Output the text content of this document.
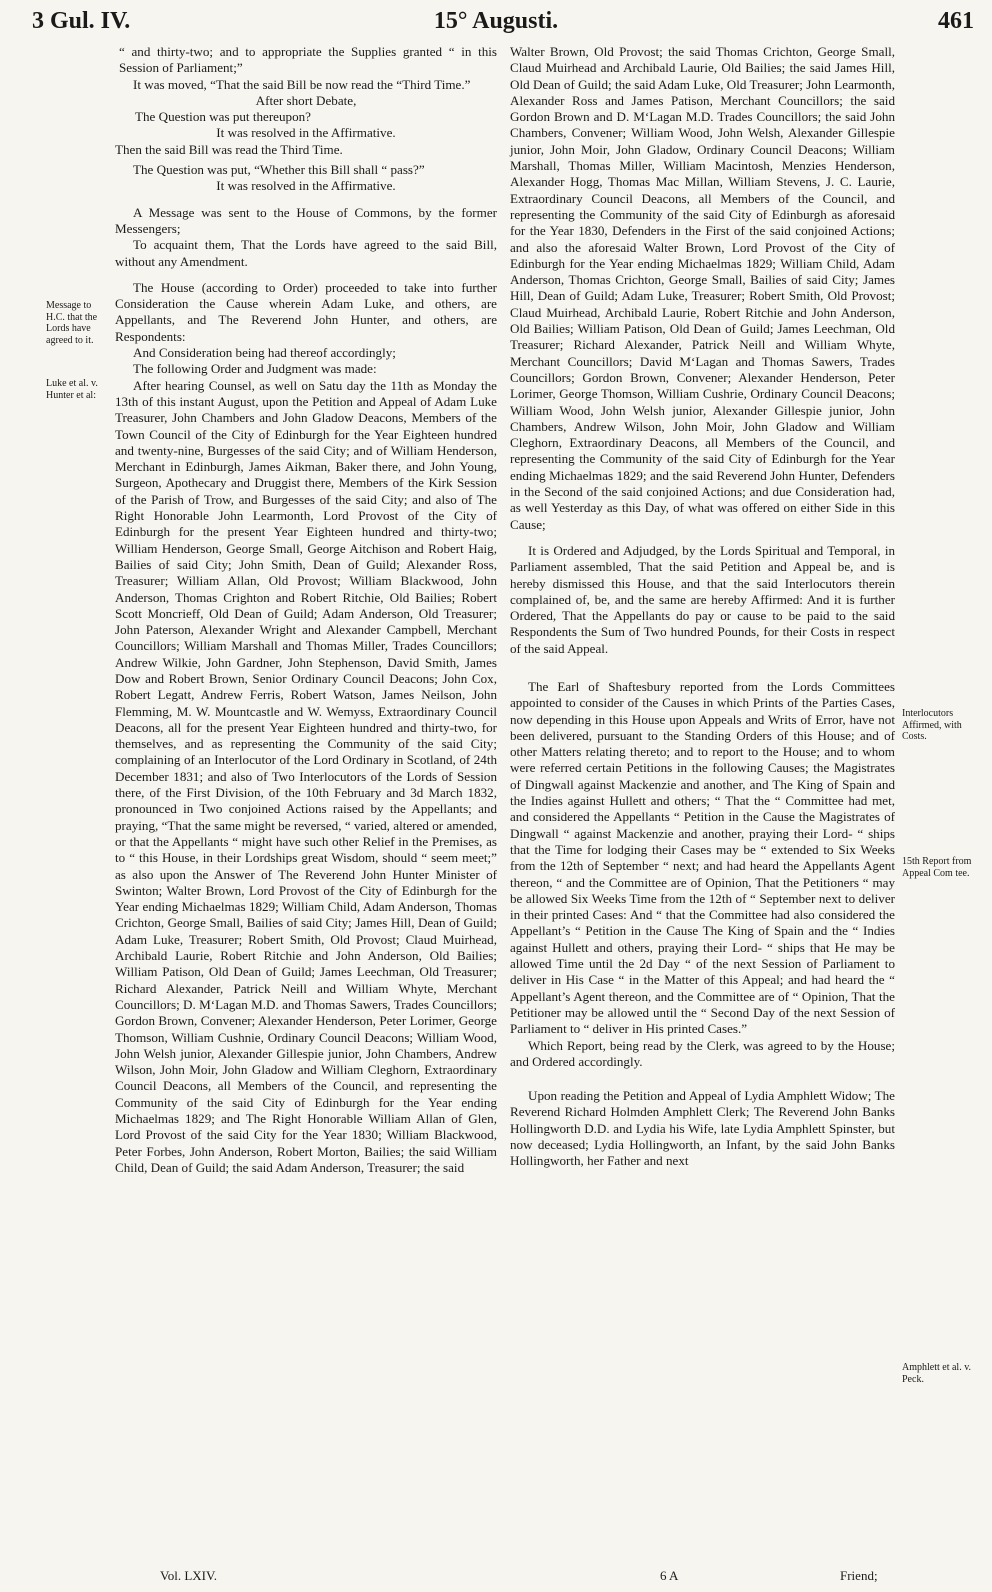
15° Augusti.
3 Gul. IV.	461
Message to H.C. that the Lords have agreed to it.
Luke et al. v. Hunter et al:
Interlocutors Affirmed, with Costs.
15th Report from Appeal Com tee.
Amphlett et al. v. Peck.

“ and thirty-two; and to appropriate the Supplies granted “ in this Session of Parliament;”

It was moved, “That the said Bill be now read the “Third Time.”

After short Debate,

The Question was put thereupon?

It was resolved in the Affirmative.

Then the said Bill was read the Third Time.

The Question was put, “Whether this Bill shall “ pass?”

It was resolved in the Affirmative.

A Message was sent to the House of Commons, by the former Messengers;

To acquaint them, That the Lords have agreed to the said Bill, without any Amendment.

The House (according to Order) proceeded to take into further Consideration the Cause wherein Adam Luke, and others, are Appellants, and The Reverend John Hunter, and others, are Respondents:

And Consideration being had thereof accordingly;

The following Order and Judgment was made:

After hearing Counsel, as well on Satu day the 11th as Monday the 13th of this instant August, upon the Petition and Appeal of Adam Luke Treasurer, John Chambers and John Gladow Deacons, Members of the Town Council of the City of Edinburgh for the Year Eighteen hundred and twenty-nine, Burgesses of the said City; and of William Henderson, Merchant in Edinburgh, James Aikman, Baker there, and John Young, Surgeon, Apothecary and Druggist there, Members of the Kirk Session of the Parish of Trow, and Burgesses of the said City; and also of The Right Honorable John Learmonth, Lord Provost of the City of Edinburgh for the present Year Eighteen hundred and thirty-two; William Henderson, George Small, George Aitchison and Robert Haig, Bailies of said City; John Smith, Dean of Guild; Alexander Ross, Treasurer; William Allan, Old Provost; William Blackwood, John Anderson, Thomas Crighton and Robert Ritchie, Old Bailies; Robert Scott Moncrieff, Old Dean of Guild; Adam Anderson, Old Treasurer; John Paterson, Alexander Wright and Alexander Campbell, Merchant Councillors; William Marshall and Thomas Miller, Trades Councillors; Andrew Wilkie, John Gardner, John Stephenson, David Smith, James Dow and Robert Brown, Senior Ordinary Council Deacons; John Cox, Robert Legatt, Andrew Ferris, Robert Watson, James Neilson, John Flemming, M. W. Mountcastle and W. Wemyss, Extraordinary Council Deacons, all for the present Year Eighteen hundred and thirty-two, for themselves, and as representing the Community of the said City; complaining of an Interlocutor of the Lord Ordinary in Scotland, of 24th December 1831; and also of Two Interlocutors of the Lords of Session there, of the First Division, of the 10th February and 3d March 1832, pronounced in Two conjoined Actions raised by the Appellants; and praying, “That the same might be reversed, “ varied, altered or amended, or that the Appellants “ might have such other Relief in the Premises, as to “ this House, in their Lordships great Wisdom, should “ seem meet;” as also upon the Answer of The Reverend John Hunter Minister of Swinton; Walter Brown, Lord Provost of the City of Edinburgh for the Year ending Michaelmas 1829; William Child, Adam Anderson, Thomas Crichton, George Small, Bailies of said City; James Hill, Dean of Guild; Adam Luke, Treasurer; Robert Smith, Old Provost; Claud Muirhead, Archibald Laurie, Robert Ritchie and John Anderson, Old Bailies; William Patison, Old Dean of Guild; James Leechman, Old Treasurer; Richard Alexander, Patrick Neill and William Whyte, Merchant Councillors; D. M‘Lagan M.D. and Thomas Sawers, Trades Councillors; Gordon Brown, Convener; Alexander Henderson, Peter Lorimer, George Thomson, William Cushnie, Ordinary Council Deacons; William Wood, John Welsh junior, Alexander Gillespie junior, John Chambers, Andrew Wilson, John Moir, John Gladow and William Cleghorn, Extraordinary Council Deacons, all Members of the Council, and representing the Community of the said City of Edinburgh for the Year ending Michaelmas 1829; and The Right Honorable William Allan of Glen, Lord Provost of the said City for the Year 1830; William Blackwood, Peter Forbes, John Anderson, Robert Morton, Bailies; the said William Child, Dean of Guild; the said Adam Anderson, Treasurer; the said

Walter Brown, Old Provost; the said Thomas Crichton, George Small, Claud Muirhead and Archibald Laurie, Old Bailies; the said James Hill, Old Dean of Guild; the said Adam Luke, Old Treasurer; John Learmonth, Alexander Ross and James Patison, Merchant Councillors; the said Gordon Brown and D. M‘Lagan M.D. Trades Councillors; the said John Chambers, Convener; William Wood, John Welsh, Alexander Gillespie junior, John Moir, John Gladow, Ordinary Council Deacons; William Marshall, Thomas Miller, William Macintosh, Menzies Henderson, Alexander Hogg, Thomas Mac Millan, William Stevens, J. C. Laurie, Extraordinary Council Deacons, all Members of the Council, and representing the Community of the said City of Edinburgh as aforesaid for the Year 1830, Defenders in the First of the said conjoined Actions; and also the aforesaid Walter Brown, Lord Provost of the City of Edinburgh for the Year ending Michaelmas 1829; William Child, Adam Anderson, Thomas Crichton, George Small, Bailies of said City; James Hill, Dean of Guild; Adam Luke, Treasurer; Robert Smith, Old Provost; Claud Muirhead, Archibald Laurie, Robert Ritchie and John Anderson, Old Bailies; William Patison, Old Dean of Guild; James Leechman, Old Treasurer; Richard Alexander, Patrick Neill and William Whyte, Merchant Councillors; David M‘Lagan and Thomas Sawers, Trades Councillors; Gordon Brown, Convener; Alexander Henderson, Peter Lorimer, George Thomson, William Cushrie, Ordinary Council Deacons; William Wood, John Welsh junior, Alexander Gillespie junior, John Chambers, Andrew Wilson, John Moir, John Gladow and William Cleghorn, Extraordinary Deacons, all Members of the Council, and representing the Community of the said City of Edinburgh for the Year ending Michaelmas 1829; and the said Reverend John Hunter, Defenders in the Second of the said conjoined Actions; and due Consideration had, as well Yesterday as this Day, of what was offered on either Side in this Cause;

It is Ordered and Adjudged, by the Lords Spiritual and Temporal, in Parliament assembled, That the said Petition and Appeal be, and is hereby dismissed this House, and that the said Interlocutors therein complained of, be, and the same are hereby Affirmed: And it is further Ordered, That the Appellants do pay or cause to be paid to the said Respondents the Sum of Two hundred Pounds, for their Costs in respect of the said Appeal.

The Earl of Shaftesbury reported from the Lords Committees appointed to consider of the Causes in which Prints of the Parties Cases, now depending in this House upon Appeals and Writs of Error, have not been delivered, pursuant to the Standing Orders of this House; and of other Matters relating thereto; and to report to the House; and to whom were referred certain Petitions in the following Causes; the Magistrates of Dingwall against Mackenzie and another, and The King of Spain and the Indies against Hullett and others; “ That the “ Committee had met, and considered the Appellants “ Petition in the Cause the Magistrates of Dingwall “ against Mackenzie and another, praying their Lord- “ ships that the Time for lodging their Cases may be “ extended to Six Weeks from the 12th of September “ next; and had heard the Appellants Agent thereon, “ and the Committee are of Opinion, That the Petitioners “ may be allowed Six Weeks Time from the 12th of “ September next to deliver in their printed Cases: And “ that the Committee had also considered the Appellant’s “ Petition in the Cause The King of Spain and the “ Indies against Hullett and others, praying their Lord- “ ships that He may be allowed Time until the 2d Day “ of the next Session of Parliament to deliver in His Case “ in the Matter of this Appeal; and had heard the “ Appellant’s Agent thereon, and the Committee are of “ Opinion, That the Petitioner may be allowed until the “ Second Day of the next Session of Parliament to “ deliver in His printed Cases.”

Which Report, being read by the Clerk, was agreed to by the House; and Ordered accordingly.

Upon reading the Petition and Appeal of Lydia Amphlett Widow; The Reverend Richard Holmden Amphlett Clerk; The Reverend John Banks Hollingworth D.D. and Lydia his Wife, late Lydia Amphlett Spinster, but now deceased; Lydia Hollingworth, an Infant, by the said John Banks Hollingworth, her Father and next

Vol. LXIV.	6 A	Friend;
